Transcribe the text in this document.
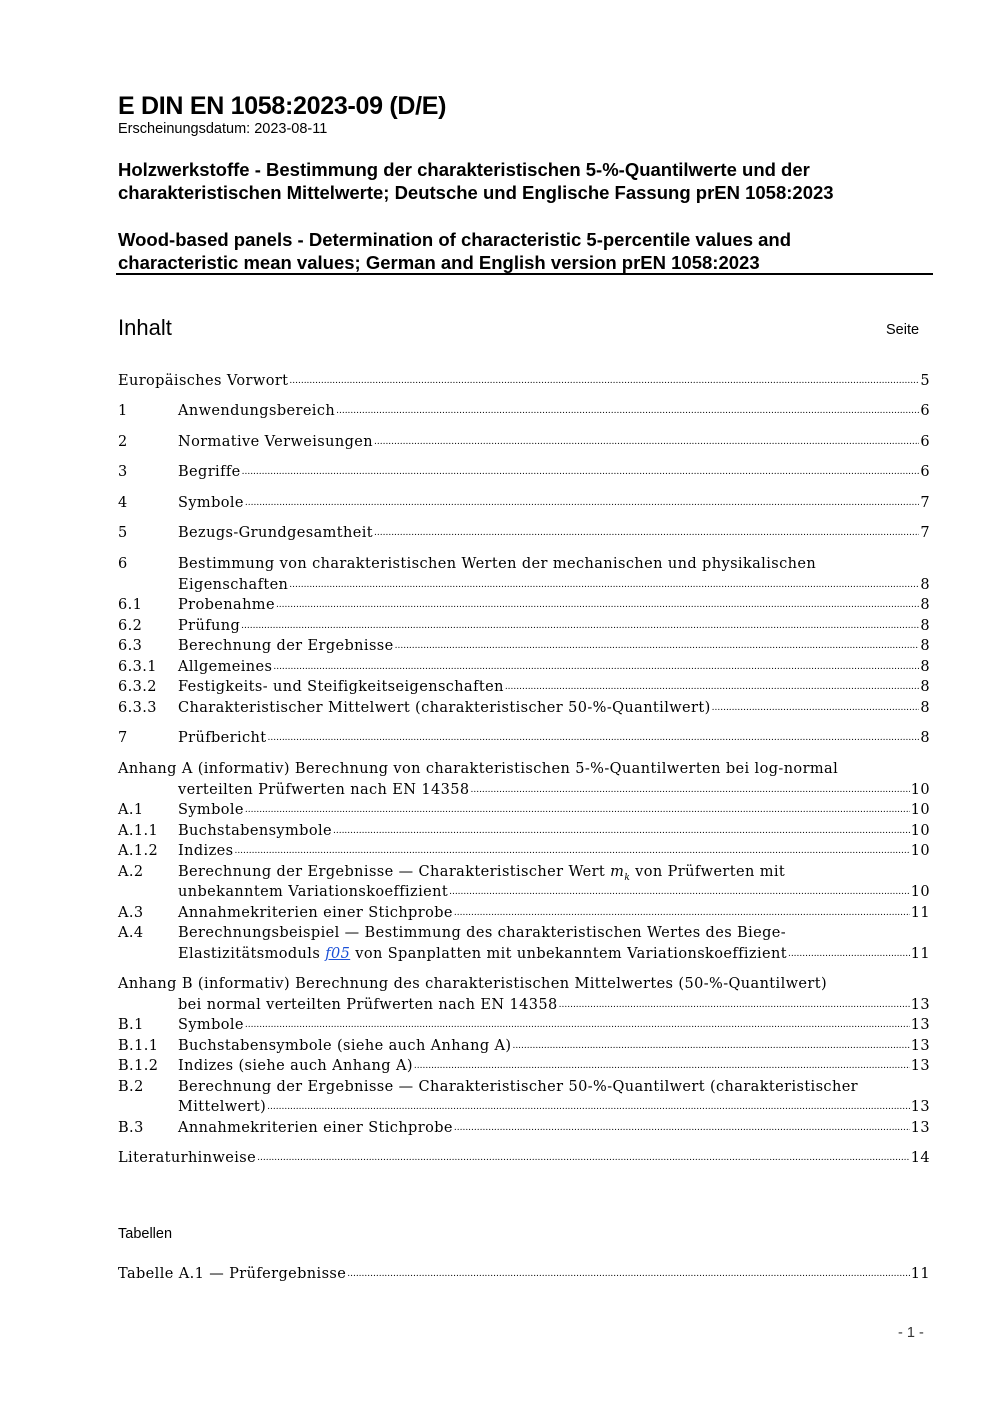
E DIN EN 1058:2023-09 (D/E)
Erscheinungsdatum: 2023-08-11
Holzwerkstoffe - Bestimmung der charakteristischen 5-%-Quantilwerte und der
charakteristischen Mittelwerte; Deutsche und Englische Fassung prEN 1058:2023
Wood-based panels - Determination of characteristic 5-percentile values and
characteristic mean values; German and English version prEN 1058:2023
Inhalt	Seite
Europäisches Vorwort .....	5
1	Anwendungsbereich .....	6
2	Normative Verweisungen .....	6
3	Begriffe .....	6
4	Symbole .....	7
5	Bezugs-Grundgesamtheit .....	7
6	Bestimmung von charakteristischen Werten der mechanischen und physikalischen
Eigenschaften .....	8
6.1 Probenahme .....	8
6.2 Prüfung .....	8
6.3 Berechnung der Ergebnisse .....	8
6.3.1 Allgemeines .....	8
6.3.2 Festigkeits- und Steifigkeitseigenschaften .....	8
6.3.3 Charakteristischer Mittelwert (charakteristischer 50-%-Quantilwert) .....	8
7	Prüfbericht .....	8
Anhang A (informativ) Berechnung von charakteristischen 5-%-Quantilwerten bei log-normal
verteilten Prüfwerten nach EN 14358 .....	10
A.1 Symbole .....	10
A.1.1 Buchstabensymbole .....	10
A.1.2 Indizes .....	10
A.2 Berechnung der Ergebnisse — Charakteristischer Wert $m_k$ von Prüfwerten mit
unbekanntem Variationskoeffizient .....	10
A.3 Annahmekriterien einer Stichprobe .....	11
A.4 Berechnungsbeispiel — Bestimmung des charakteristischen Wertes des Biege-
Elastizitätsmoduls f05 von Spanplatten mit unbekanntem Variationskoeffizient .....	11
Anhang B (informativ) Berechnung des charakteristischen Mittelwertes (50-%-Quantilwert)
bei normal verteilten Prüfwerten nach EN 14358 .....	13
B.1 Symbole .....	13
B.1.1 Buchstabensymbole (siehe auch Anhang A) .....	13
B.1.2 Indizes (siehe auch Anhang A) .....	13
B.2 Berechnung der Ergebnisse — Charakteristischer 50-%-Quantilwert (charakteristischer
Mittelwert) .....	13
B.3 Annahmekriterien einer Stichprobe .....	13
Literaturhinweise .....	14
Tabellen
Tabelle A.1 — Prüfergebnisse .....	11
- 1 -
